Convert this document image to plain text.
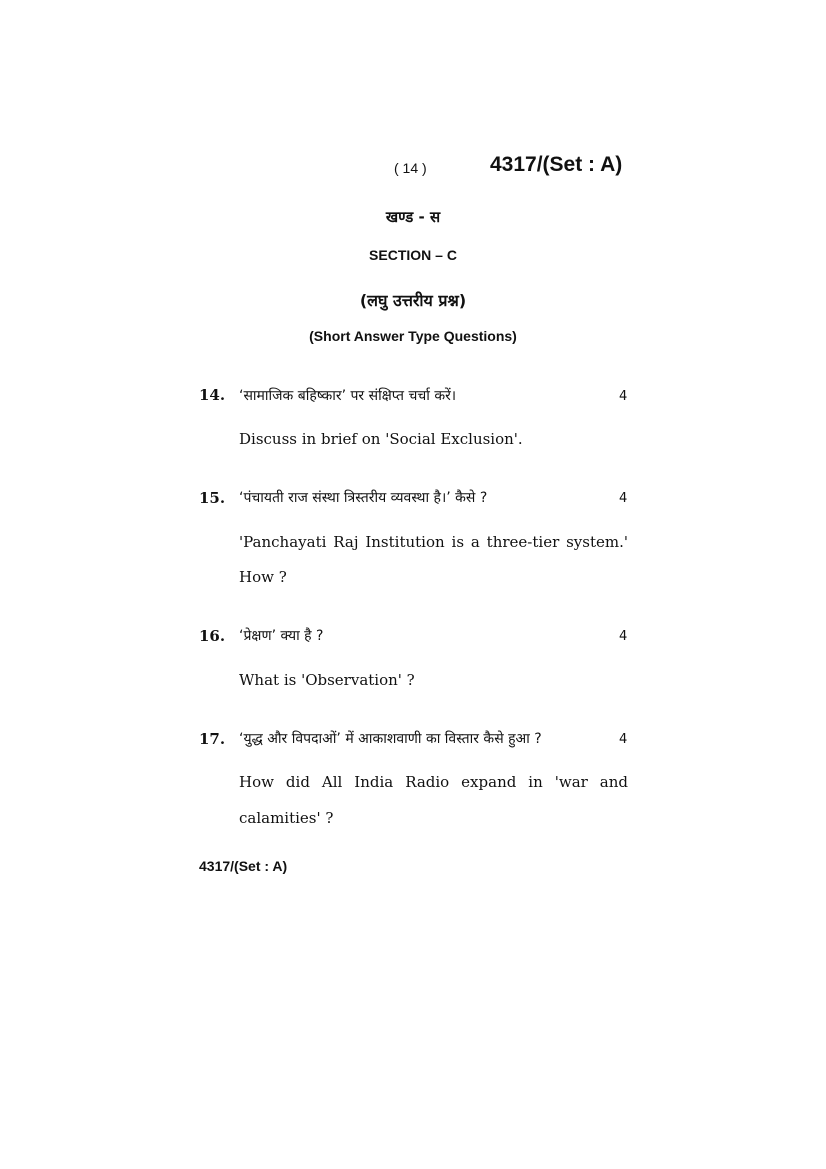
( 14 )	4317/(Set : A)
खण्ड - स
SECTION – C
(लघु उत्तरीय प्रश्न)
(Short Answer Type Questions)
14. ‘सामाजिक बहिष्कार’ पर संक्षिप्त चर्चा करें।	4
Discuss in brief on 'Social Exclusion'.
15. ‘पंचायती राज संस्था त्रिस्तरीय व्यवस्था है।’ कैसे ?	4
'Panchayati Raj Institution is a three-tier system.'
How ?
16. ‘प्रेक्षण’ क्या है ?	4
What is 'Observation' ?
17. ‘युद्ध और विपदाओं’ में आकाशवाणी का विस्तार कैसे हुआ ?	4
How did All India Radio expand in 'war and
calamities' ?
4317/(Set : A)
